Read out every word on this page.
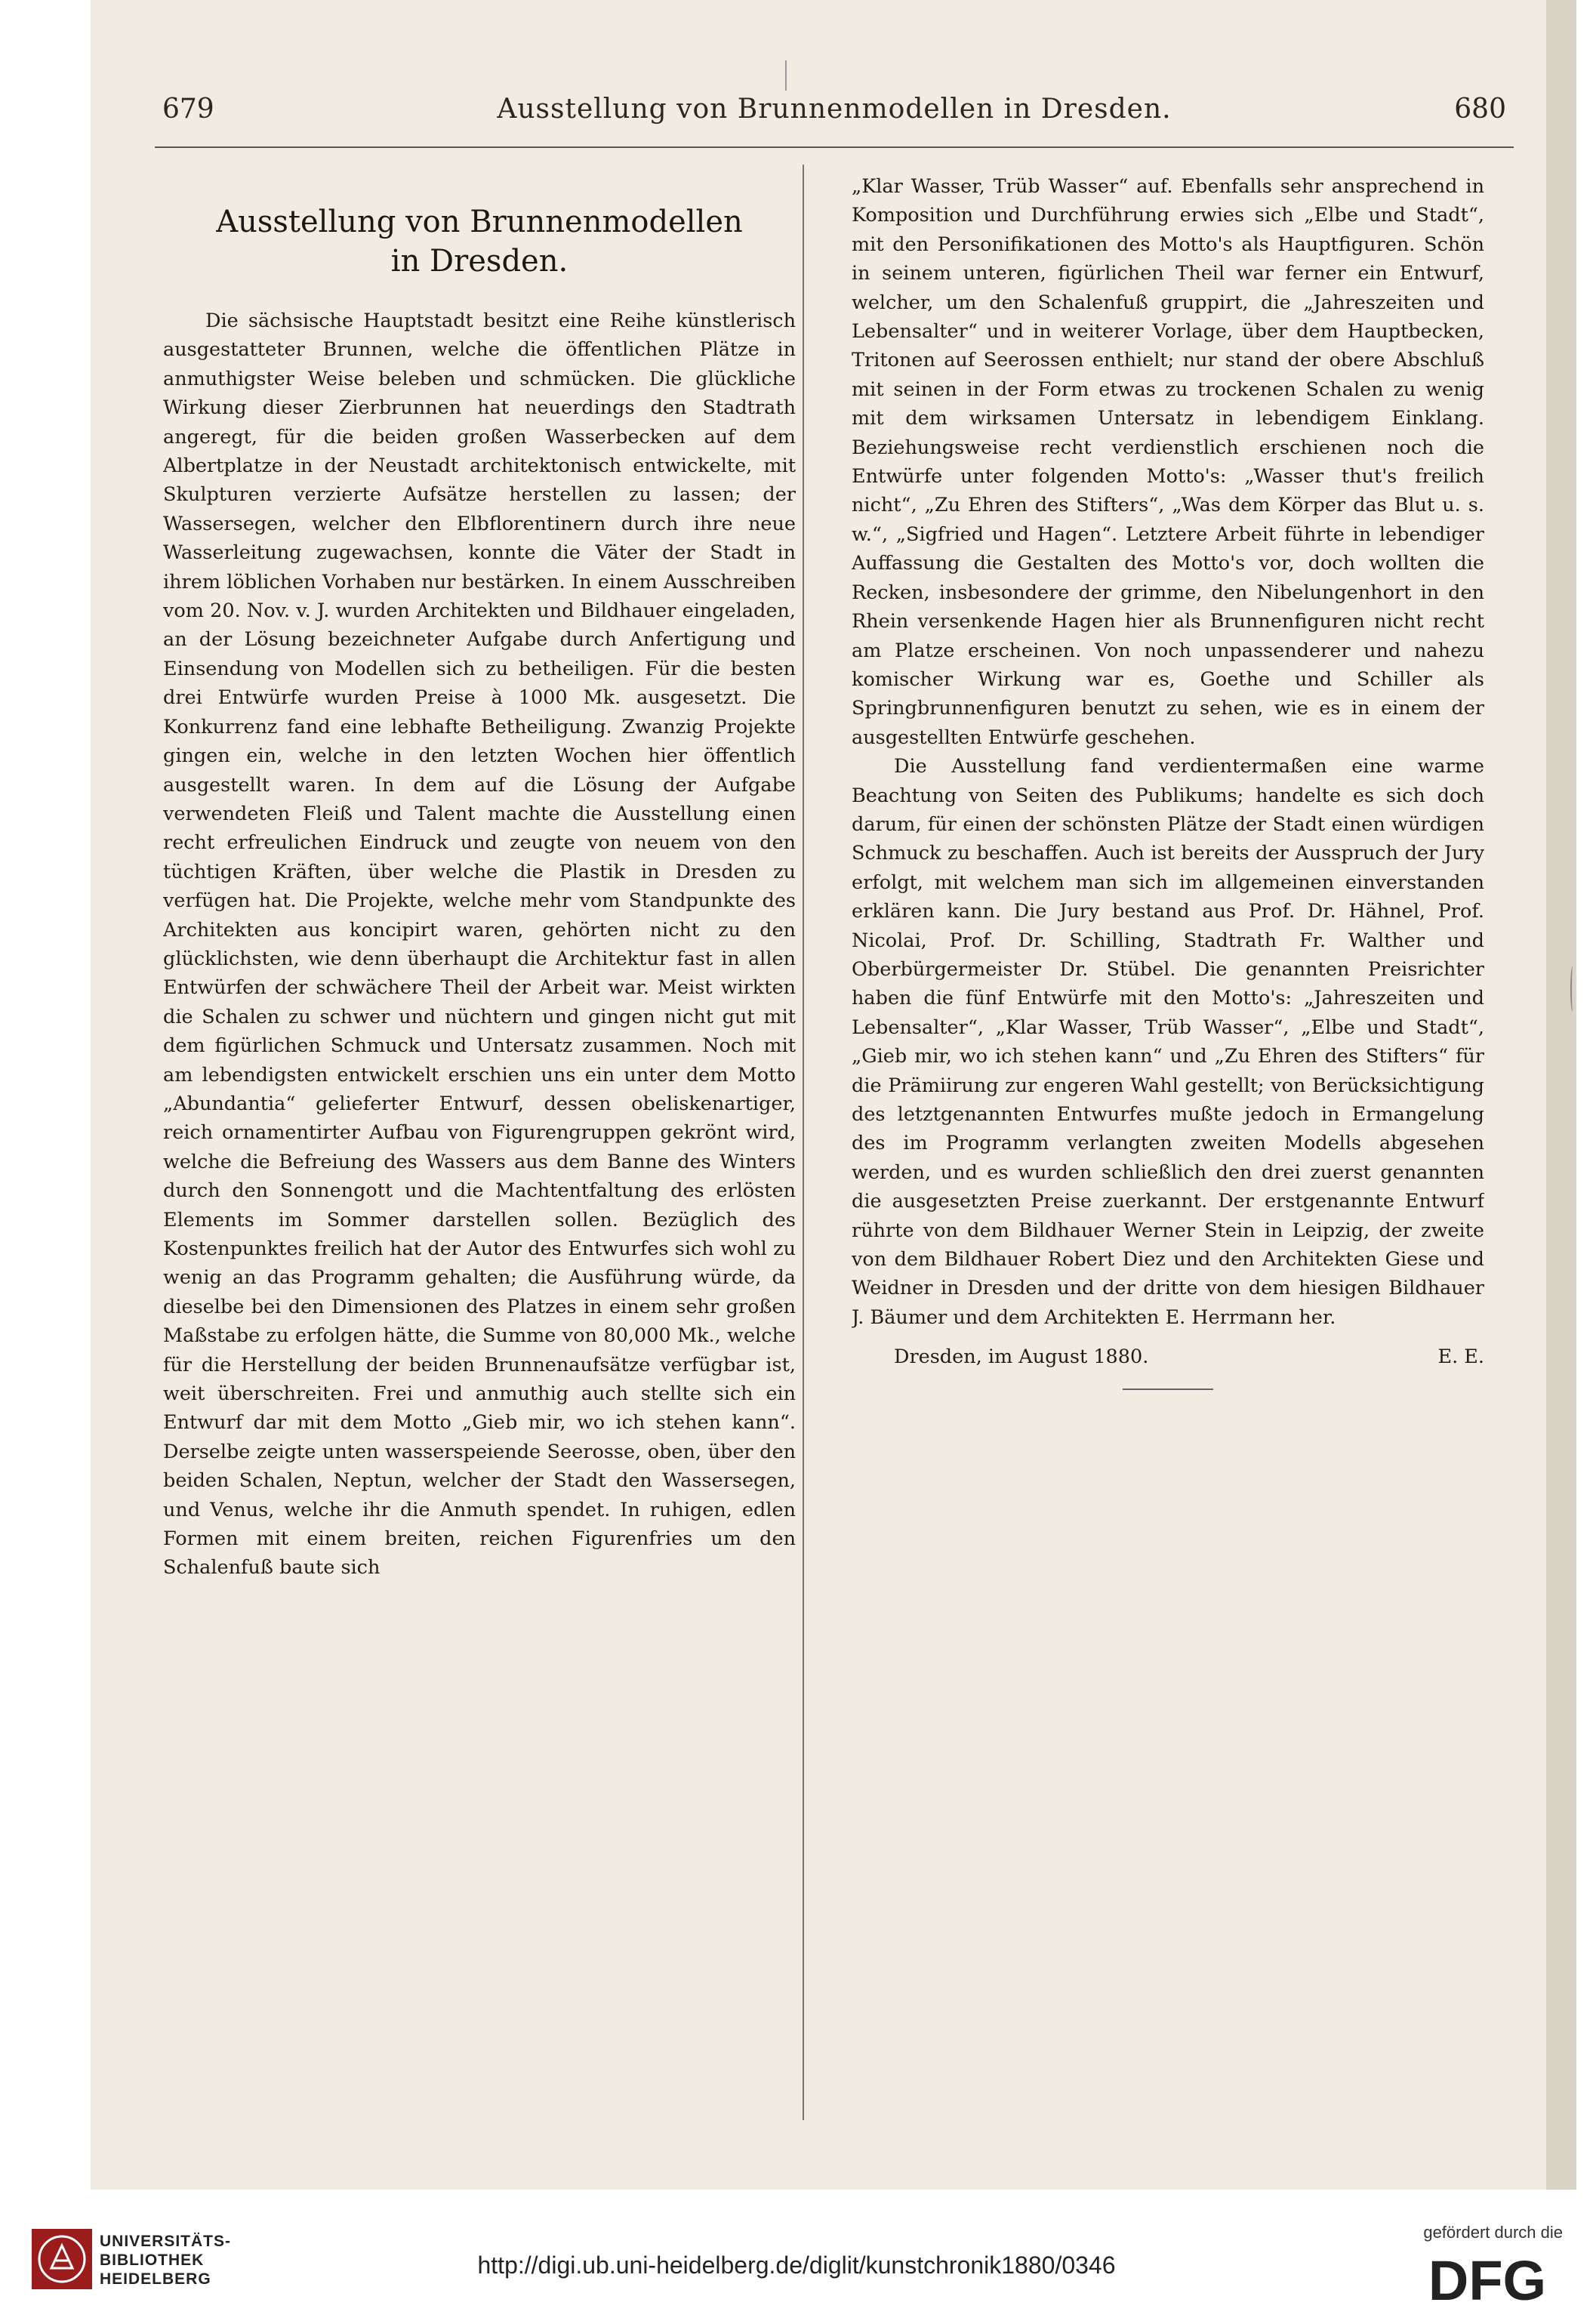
679	Ausstellung von Brunnenmodellen in Dresden.	680
Ausstellung von Brunnenmodellen
in Dresden.

Die sächsische Hauptstadt besitzt eine Reihe künstlerisch ausgestatteter Brunnen, welche die öffentlichen Plätze in anmuthigster Weise beleben und schmücken. Die glückliche Wirkung dieser Zierbrunnen hat neuerdings den Stadtrath angeregt, für die beiden großen Wasserbecken auf dem Albertplatze in der Neustadt architektonisch entwickelte, mit Skulpturen verzierte Aufsätze herstellen zu lassen; der Wassersegen, welcher den Elbflorentinern durch ihre neue Wasserleitung zugewachsen, konnte die Väter der Stadt in ihrem löblichen Vorhaben nur bestärken. In einem Ausschreiben vom 20. Nov. v. J. wurden Architekten und Bildhauer eingeladen, an der Lösung bezeichneter Aufgabe durch Anfertigung und Einsendung von Modellen sich zu betheiligen. Für die besten drei Entwürfe wurden Preise à 1000 Mk. ausgesetzt. Die Konkurrenz fand eine lebhafte Betheiligung. Zwanzig Projekte gingen ein, welche in den letzten Wochen hier öffentlich ausgestellt waren. In dem auf die Lösung der Aufgabe verwendeten Fleiß und Talent machte die Ausstellung einen recht erfreulichen Eindruck und zeugte von neuem von den tüchtigen Kräften, über welche die Plastik in Dresden zu verfügen hat. Die Projekte, welche mehr vom Standpunkte des Architekten aus koncipirt waren, gehörten nicht zu den glücklichsten, wie denn überhaupt die Architektur fast in allen Entwürfen der schwächere Theil der Arbeit war. Meist wirkten die Schalen zu schwer und nüchtern und gingen nicht gut mit dem figürlichen Schmuck und Untersatz zusammen. Noch mit am lebendigsten entwickelt erschien uns ein unter dem Motto „Abundantia“ gelieferter Entwurf, dessen obeliskenartiger, reich ornamentirter Aufbau von Figurengruppen gekrönt wird, welche die Befreiung des Wassers aus dem Banne des Winters durch den Sonnengott und die Machtentfaltung des erlösten Elements im Sommer darstellen sollen. Bezüglich des Kostenpunktes freilich hat der Autor des Entwurfes sich wohl zu wenig an das Programm gehalten; die Ausführung würde, da dieselbe bei den Dimensionen des Platzes in einem sehr großen Maßstabe zu erfolgen hätte, die Summe von 80,000 Mk., welche für die Herstellung der beiden Brunnenaufsätze verfügbar ist, weit überschreiten. Frei und anmuthig auch stellte sich ein Entwurf dar mit dem Motto „Gieb mir, wo ich stehen kann“. Derselbe zeigte unten wasserspeiende Seerosse, oben, über den beiden Schalen, Neptun, welcher der Stadt den Wassersegen, und Venus, welche ihr die Anmuth spendet. In ruhigen, edlen Formen mit einem breiten, reichen Figurenfries um den Schalenfuß baute sich

„Klar Wasser, Trüb Wasser“ auf. Ebenfalls sehr ansprechend in Komposition und Durchführung erwies sich „Elbe und Stadt“, mit den Personifikationen des Motto's als Hauptfiguren. Schön in seinem unteren, figürlichen Theil war ferner ein Entwurf, welcher, um den Schalenfuß gruppirt, die „Jahreszeiten und Lebensalter“ und in weiterer Vorlage, über dem Hauptbecken, Tritonen auf Seerossen enthielt; nur stand der obere Abschluß mit seinen in der Form etwas zu trockenen Schalen zu wenig mit dem wirksamen Untersatz in lebendigem Einklang. Beziehungsweise recht verdienstlich erschienen noch die Entwürfe unter folgenden Motto's: „Wasser thut's freilich nicht“, „Zu Ehren des Stifters“, „Was dem Körper das Blut u. s. w.“, „Sigfried und Hagen“. Letztere Arbeit führte in lebendiger Auffassung die Gestalten des Motto's vor, doch wollten die Recken, insbesondere der grimme, den Nibelungenhort in den Rhein versenkende Hagen hier als Brunnenfiguren nicht recht am Platze erscheinen. Von noch unpassenderer und nahezu komischer Wirkung war es, Goethe und Schiller als Springbrunnenfiguren benutzt zu sehen, wie es in einem der ausgestellten Entwürfe geschehen.

Die Ausstellung fand verdientermaßen eine warme Beachtung von Seiten des Publikums; handelte es sich doch darum, für einen der schönsten Plätze der Stadt einen würdigen Schmuck zu beschaffen. Auch ist bereits der Ausspruch der Jury erfolgt, mit welchem man sich im allgemeinen einverstanden erklären kann. Die Jury bestand aus Prof. Dr. Hähnel, Prof. Nicolai, Prof. Dr. Schilling, Stadtrath Fr. Walther und Oberbürgermeister Dr. Stübel. Die genannten Preisrichter haben die fünf Entwürfe mit den Motto's: „Jahreszeiten und Lebensalter“, „Klar Wasser, Trüb Wasser“, „Elbe und Stadt“, „Gieb mir, wo ich stehen kann“ und „Zu Ehren des Stifters“ für die Prämiirung zur engeren Wahl gestellt; von Berücksichtigung des letztgenannten Entwurfes mußte jedoch in Ermangelung des im Programm verlangten zweiten Modells abgesehen werden, und es wurden schließlich den drei zuerst genannten die ausgesetzten Preise zuerkannt. Der erstgenannte Entwurf rührte von dem Bildhauer Werner Stein in Leipzig, der zweite von dem Bildhauer Robert Diez und den Architekten Giese und Weidner in Dresden und der dritte von dem hiesigen Bildhauer J. Bäumer und dem Architekten E. Herrmann her.

Dresden, im August 1880.	E. E.
UNIVERSITÄTS-
BIBLIOTHEK
HEIDELBERG
http://digi.ub.uni-heidelberg.de/diglit/kunstchronik1880/0346
gefördert durch die
DFG
